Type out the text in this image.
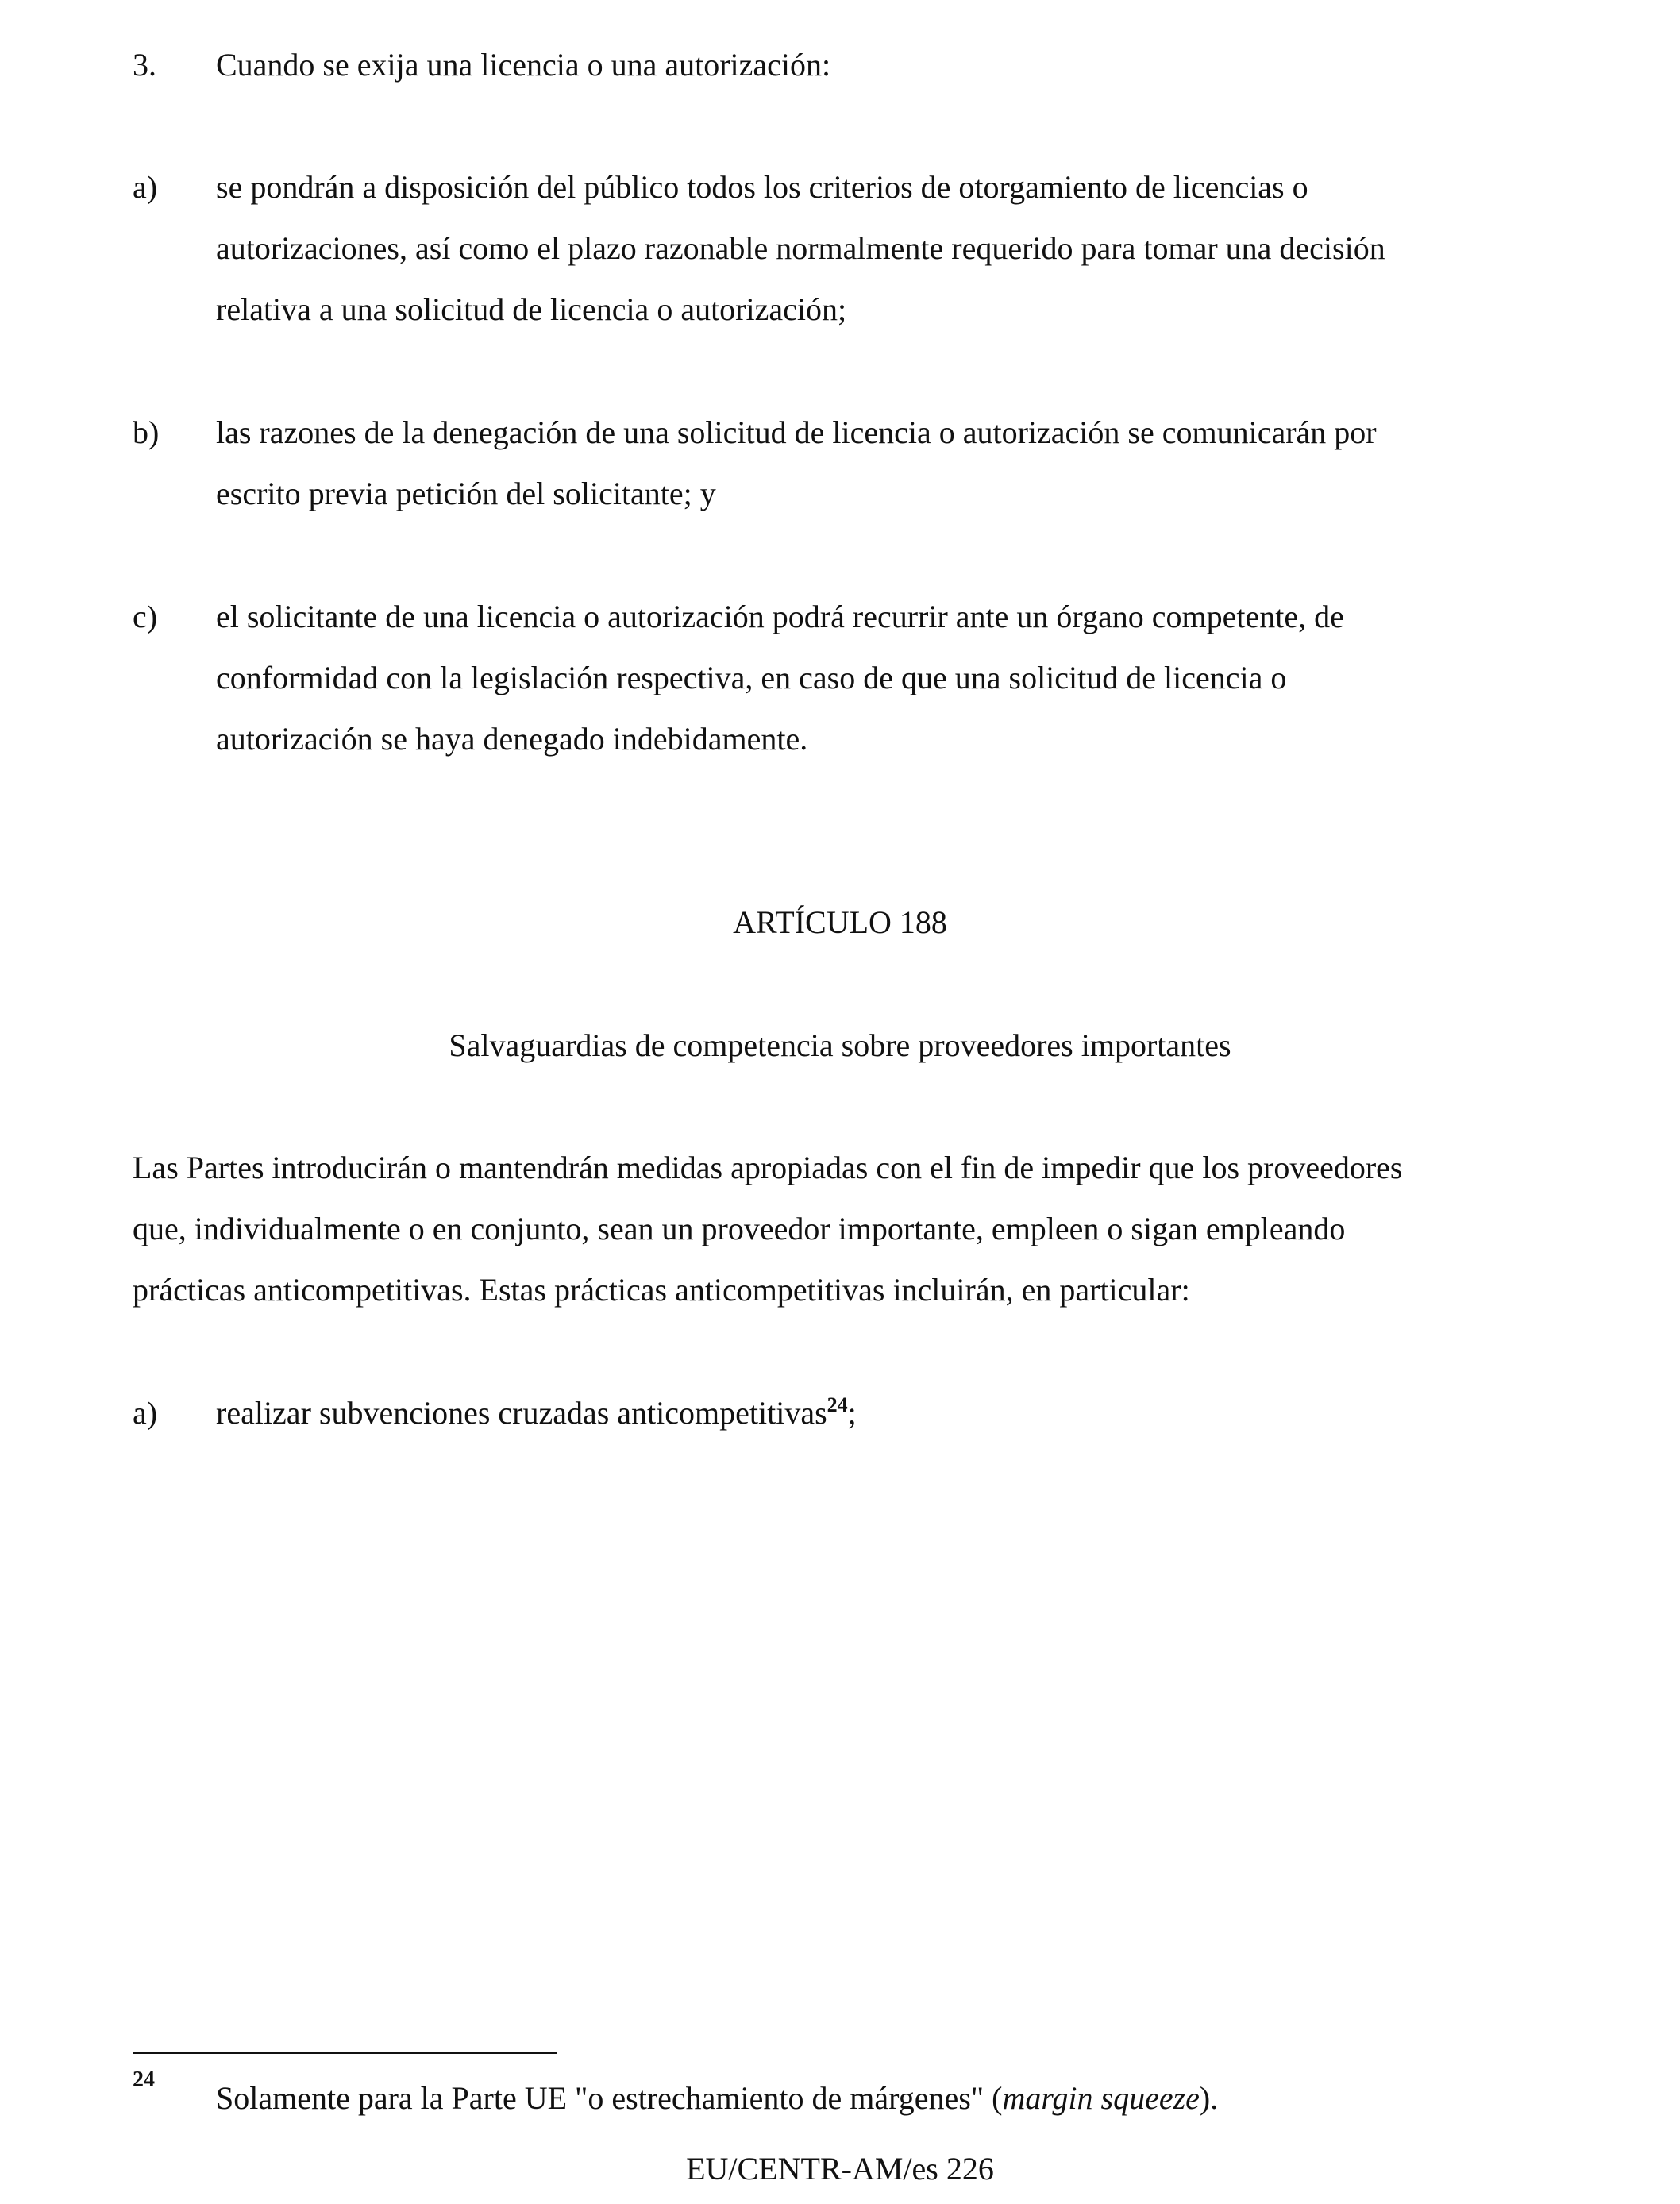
3. Cuando se exija una licencia o una autorización:
a) se pondrán a disposición del público todos los criterios de otorgamiento de licencias o
autorizaciones, así como el plazo razonable normalmente requerido para tomar una decisión
relativa a una solicitud de licencia o autorización;
b) las razones de la denegación de una solicitud de licencia o autorización se comunicarán por
escrito previa petición del solicitante; y
c) el solicitante de una licencia o autorización podrá recurrir ante un órgano competente, de
conformidad con la legislación respectiva, en caso de que una solicitud de licencia o
autorización se haya denegado indebidamente.
ARTÍCULO 188
Salvaguardias de competencia sobre proveedores importantes
Las Partes introducirán o mantendrán medidas apropiadas con el fin de impedir que los proveedores
que, individualmente o en conjunto, sean un proveedor importante, empleen o sigan empleando
prácticas anticompetitivas. Estas prácticas anticompetitivas incluirán, en particular:
a) realizar subvenciones cruzadas anticompetitivas$^{24}$;
24
Solamente para la Parte UE "o estrechamiento de márgenes" (margin squeeze).
EU/CENTR-AM/es 226
